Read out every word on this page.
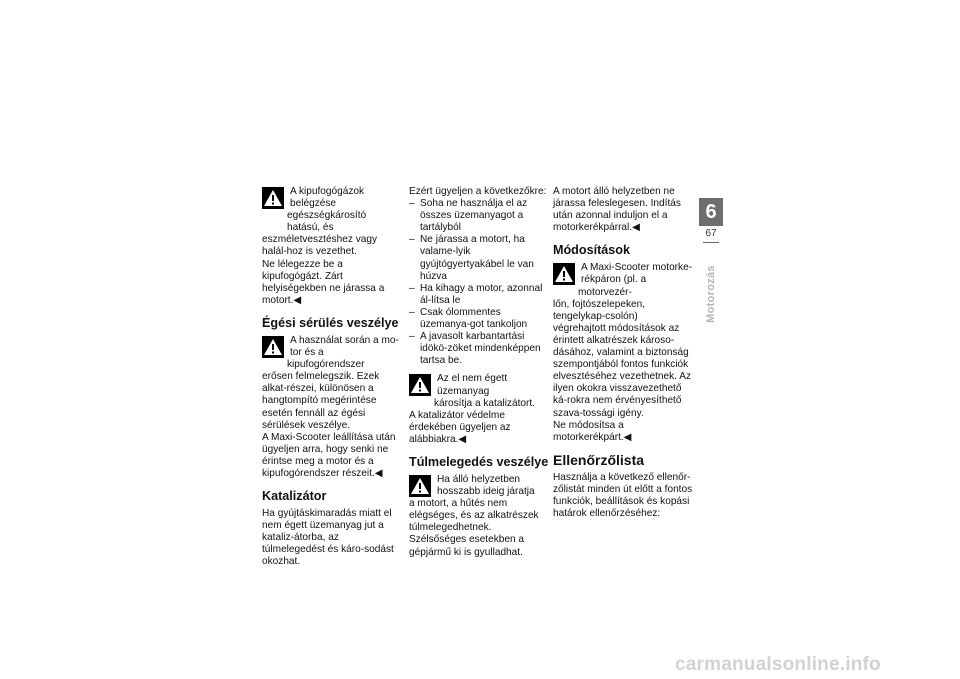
A kipufogógázok belégzése
egészségkárosító hatású, és
eszméletvesztéshez vagy halál-hoz is vezethet.

Ne lélegezze be a kipufogógázt. Zárt helyiségekben ne járassa a motort.◀

Égési sérülés veszélye
A használat során a mo-
tor és a kipufogórendszer
erősen felmelegszik. Ezek alkat-részei, különösen a hangtompító megérintése esetén fennáll az égési sérülések veszélye.

A Maxi-Scooter leállítása után ügyeljen arra, hogy senki ne érintse meg a motor és a kipufogórendszer részeit.◀

Katalizátor

Ha gyújtáskimaradás miatt el nem égett üzemanyag jut a kataliz-átorba, az túlmelegedést és káro-sodást okozhat.

Ezért ügyeljen a következőkre:

– Soha ne használja el az összes üzemanyagot a tartályból
– Ne járassa a motort, ha valame-lyik gyújtógyertyakábel le van húzva
– Ha kihagy a motor, azonnal ál-lítsa le
– Csak ólommentes üzemanya-got tankoljon
– A javasolt karbantartási idökö-zöket mindenképpen tartsa be.
Az el nem égett üzemanyag
károsítja a katalizátort.

A katalizátor védelme érdekében ügyeljen az alábbiakra.◀

Túlmelegedés veszélye
Ha álló helyzetben
hosszabb ideig járatja
a motort, a hűtés nem elégséges, és az alkatrészek túlmelegedhetnek. Szélsőséges esetekben a gépjármű ki is gyulladhat.

A motort álló helyzetben ne járassa feleslegesen. Indítás után azonnal induljon el a motorkerékpárral.◀

Módosítások
A Maxi-Scooter motorke-
rékpáron (pl. a motorvezér-
lőn, fojtószelepeken, tengelykap-csolón) végrehajtott módosítások az érintett alkatrészek károso-dásához, valamint a biztonság szempontjából fontos funkciók elvesztéséhez vezethetnek. Az ilyen okokra visszavezethető ká-rokra nem érvényesíthető szava-tossági igény.

Ne módosítsa a motorkerékpárt.◀

Ellenőrzőlista

Használja a következő ellenőr-zőlistát minden út előtt a fontos funkciók, beállítások és kopási határok ellenőrzéséhez:

6
67
Motorozás
carmanualsonline.info
